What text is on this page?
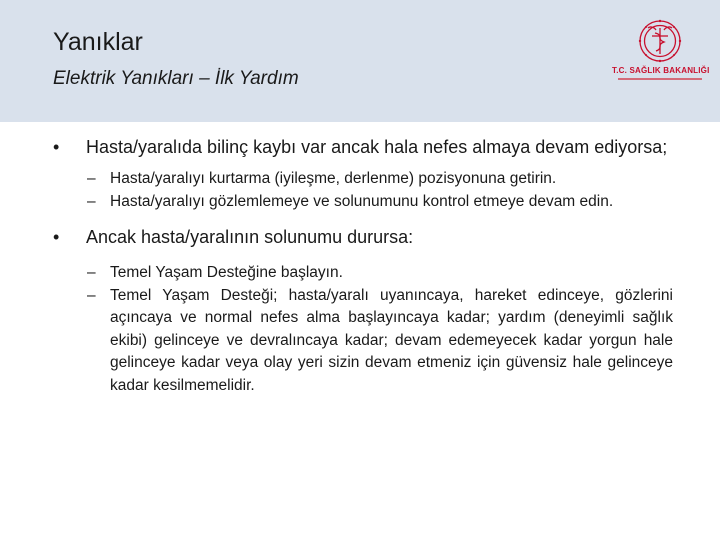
Yanıklar
Elektrik Yanıkları – İlk Yardım	T.C. SAĞLIK BAKANLIĞI
• Hasta/yaralıda bilinç kaybı var ancak hala nefes almaya devam ediyorsa;
– Hasta/yaralıyı kurtarma (iyileşme, derlenme) pozisyonuna getirin.
– Hasta/yaralıyı gözlemlemeye ve solunumunu kontrol etmeye devam edin.
• Ancak hasta/yaralının solunumu durursa:
– Temel Yaşam Desteğine başlayın.
– Temel Yaşam Desteği; hasta/yaralı uyanıncaya, hareket edinceye, gözlerini açıncaya ve normal nefes alma başlayıncaya kadar; yardım (deneyimli sağlık ekibi) gelinceye ve devralıncaya kadar; devam edemeyecek kadar yorgun hale gelinceye kadar veya olay yeri sizin devam etmeniz için güvensiz hale gelinceye kadar kesilmemelidir.
